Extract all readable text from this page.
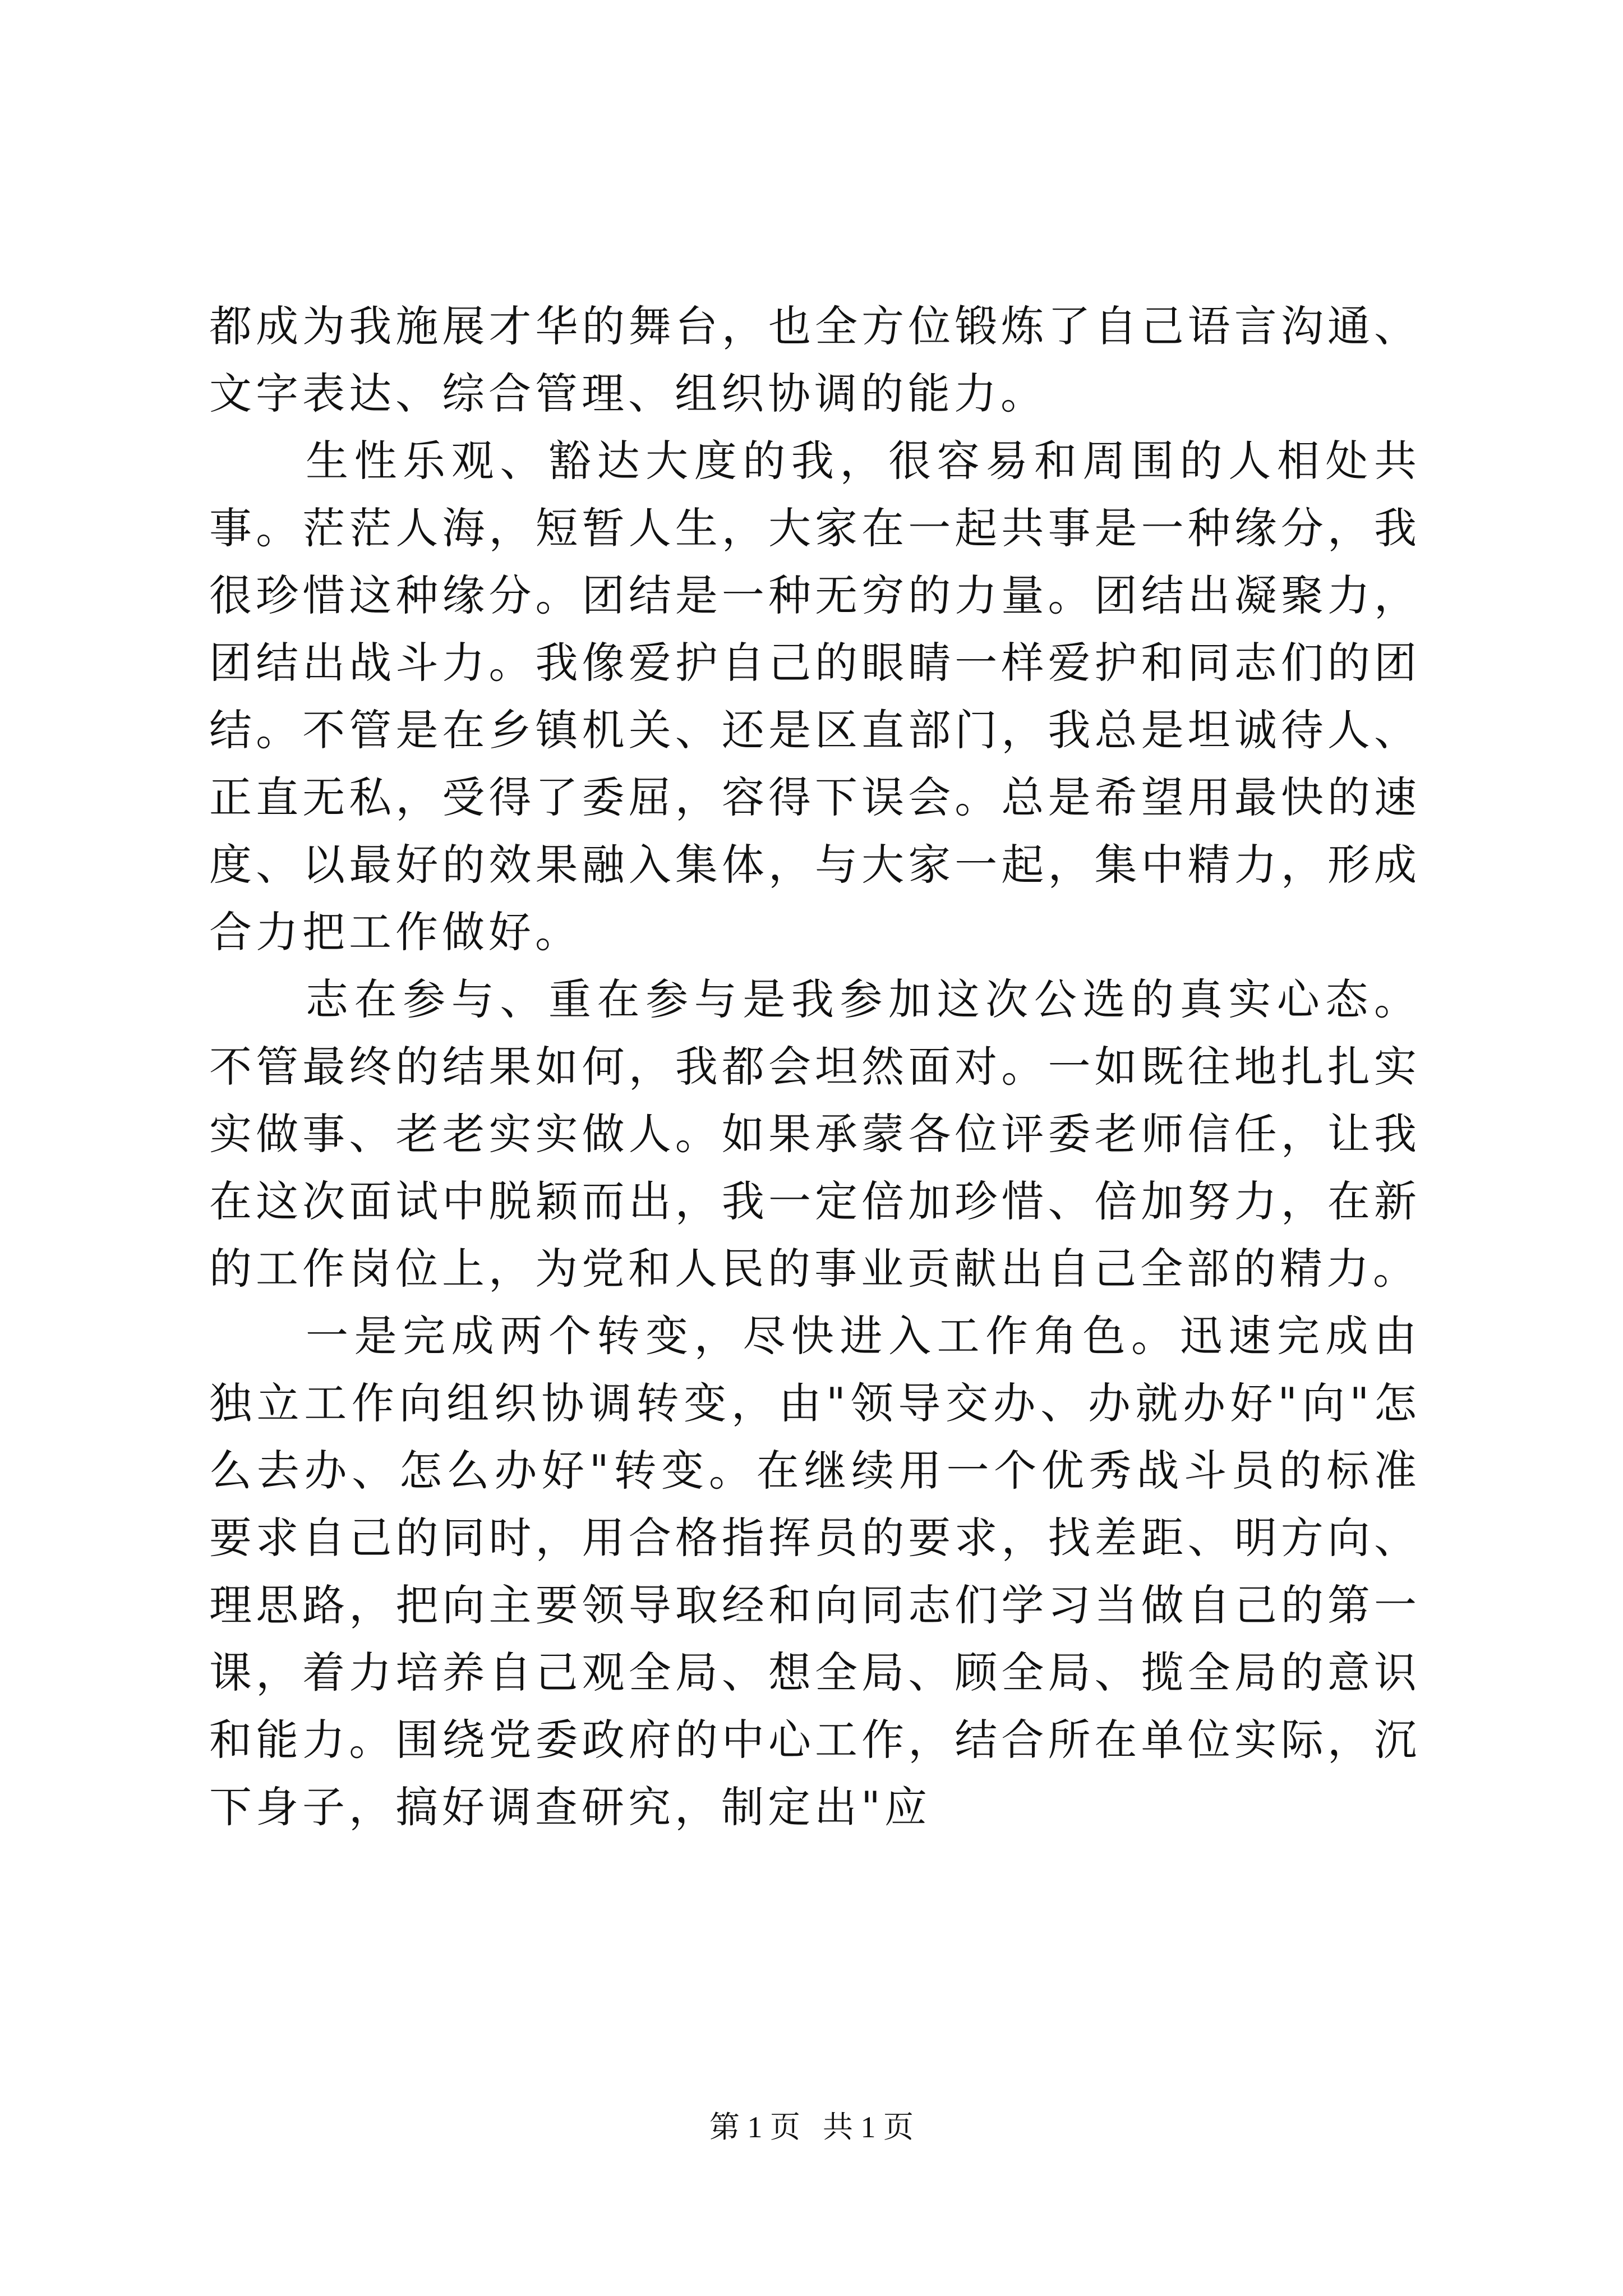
都成为我施展才华的舞台，也全方位锻炼了自己语言沟通、文字表达、综合管理、组织协调的能力。

生性乐观、豁达大度的我，很容易和周围的人相处共事。茫茫人海，短暂人生，大家在一起共事是一种缘分，我很珍惜这种缘分。团结是一种无穷的力量。团结出凝聚力，团结出战斗力。我像爱护自己的眼睛一样爱护和同志们的团结。不管是在乡镇机关、还是区直部门，我总是坦诚待人、正直无私，受得了委屈，容得下误会。总是希望用最快的速度、以最好的效果融入集体，与大家一起，集中精力，形成合力把工作做好。

志在参与、重在参与是我参加这次公选的真实心态。不管最终的结果如何，我都会坦然面对。一如既往地扎扎实实做事、老老实实做人。如果承蒙各位评委老师信任，让我在这次面试中脱颖而出，我一定倍加珍惜、倍加努力，在新的工作岗位上，为党和人民的事业贡献出自己全部的精力。

一是完成两个转变，尽快进入工作角色。迅速完成由独立工作向组织协调转变，由"领导交办、办就办好"向"怎么去办、怎么办好"转变。在继续用一个优秀战斗员的标准要求自己的同时，用合格指挥员的要求，找差距、明方向、理思路，把向主要领导取经和向同志们学习当做自己的第一课，着力培养自己观全局、想全局、顾全局、揽全局的意识和能力。围绕党委政府的中心工作，结合所在单位实际，沉下身子，搞好调查研究，制定出"应

第 1 页 共 1 页
